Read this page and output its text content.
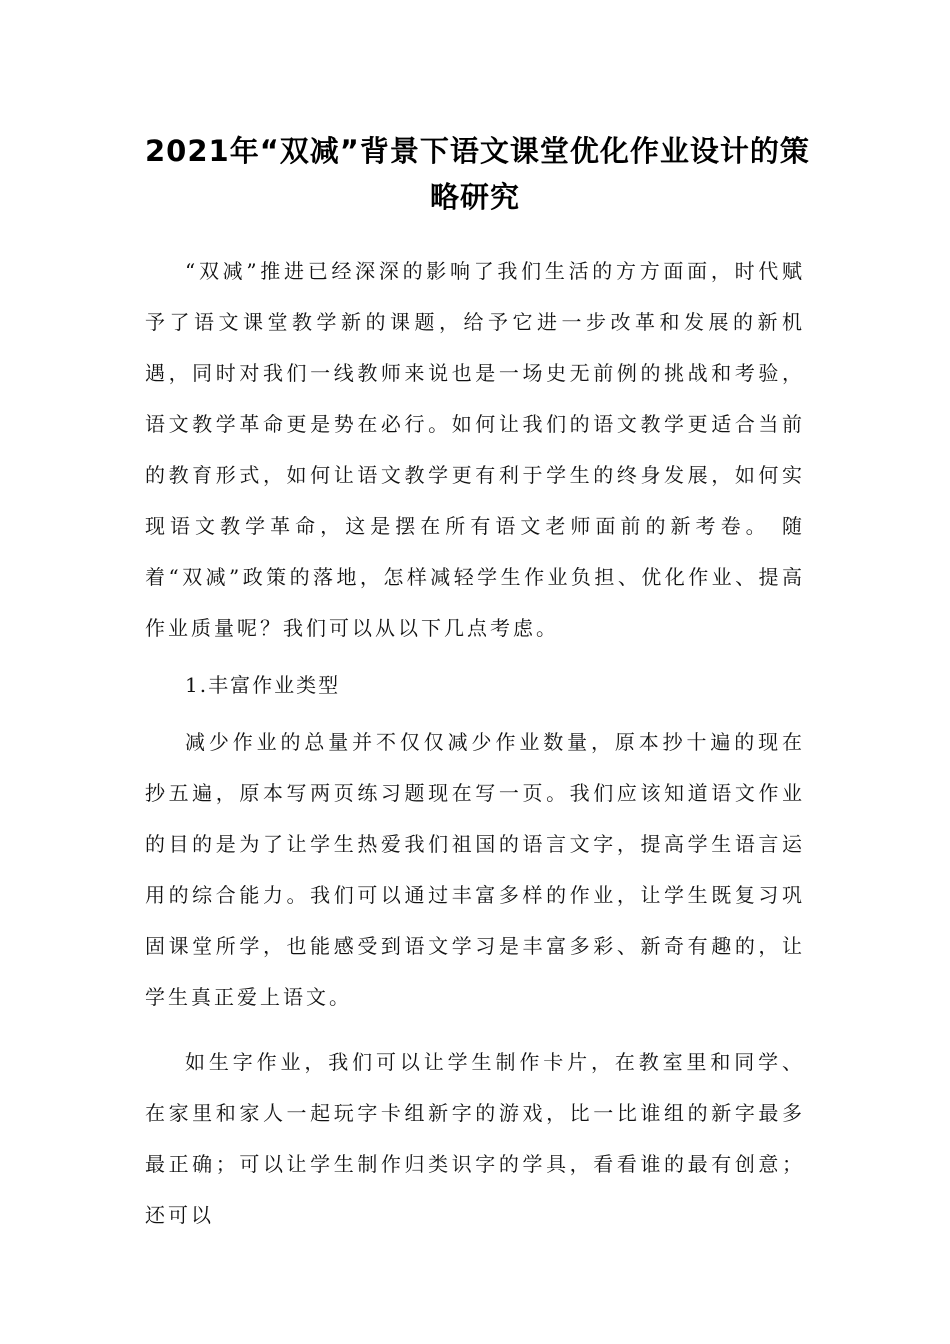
2021年“双减”背景下语文课堂优化作业设计的策
略研究

“双减”推进已经深深的影响了我们生活的方方面面，时代赋予了语文课堂教学新的课题，给予它进一步改革和发展的新机遇，同时对我们一线教师来说也是一场史无前例的挑战和考验，语文教学革命更是势在必行。如何让我们的语文教学更适合当前的教育形式，如何让语文教学更有利于学生的终身发展，如何实现语文教学革命，这是摆在所有语文老师面前的新考卷。 随着“双减”政策的落地，怎样减轻学生作业负担、优化作业、提高作业质量呢？我们可以从以下几点考虑。

1.丰富作业类型

减少作业的总量并不仅仅减少作业数量，原本抄十遍的现在抄五遍，原本写两页练习题现在写一页。我们应该知道语文作业的目的是为了让学生热爱我们祖国的语言文字，提高学生语言运用的综合能力。我们可以通过丰富多样的作业，让学生既复习巩固课堂所学，也能感受到语文学习是丰富多彩、新奇有趣的，让学生真正爱上语文。

如生字作业，我们可以让学生制作卡片，在教室里和同学、在家里和家人一起玩字卡组新字的游戏，比一比谁组的新字最多最正确；可以让学生制作归类识字的学具，看看谁的最有创意；还可以
